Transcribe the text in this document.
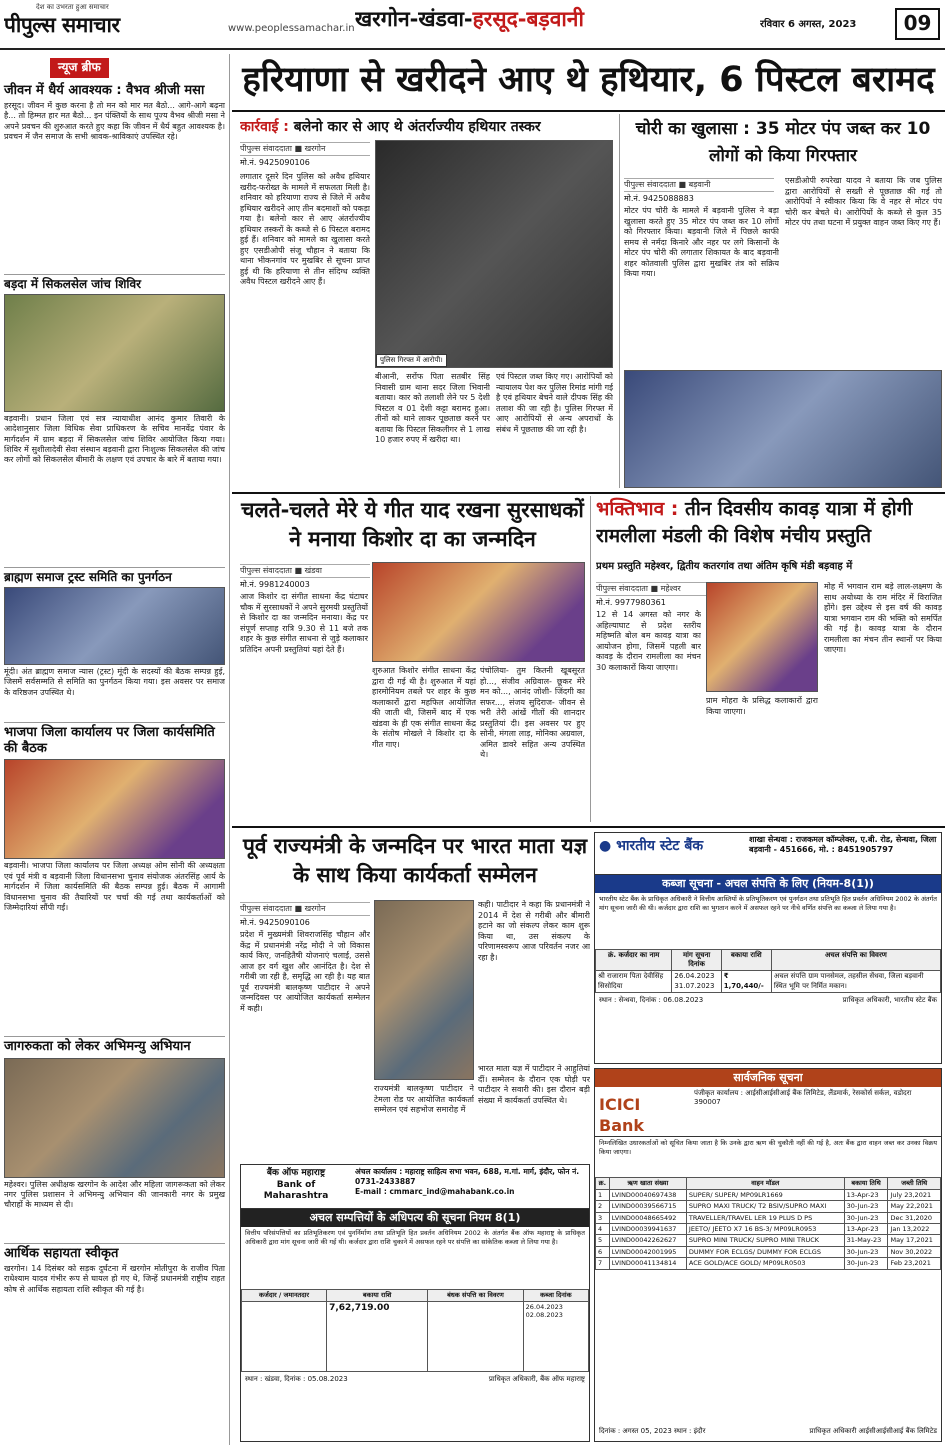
देश का उभरता हुआ समाचार
पीपुल्स समाचार	www.peoplessamachar.in खरगोन-खंडवा-हरसूद-बड़वानी	रविवार 6 अगस्त, 2023	09
न्यूज ब्रीफ
जीवन में धैर्य आवश्यक : वैभव श्रीजी मसा
हरसूद। जीवन में कुछ करना है तो मन को मार मत बैठो... आगे-आगे बढ़ना है... तो हिम्मत हार मत बैठो... इन पंक्तियों के साथ पूज्य वैभव श्रीजी मसा ने अपने प्रवचन की शुरुआत करते हुए कहा कि जीवन में धैर्य बहुत आवश्यक है। प्रवचन में जैन समाज के सभी श्रावक-श्राविकाएं उपस्थित रहे।
बड़दा में सिकलसेल जांच शिविर
बड़वानी। प्रधान जिला एवं सत्र न्यायाधीश आनंद कुमार तिवारी के आदेशानुसार जिला विधिक सेवा प्राधिकरण के सचिव मानवेंद्र पंवार के मार्गदर्शन में ग्राम बड़दा में सिकलसेल जांच शिविर आयोजित किया गया। शिविर में सुशीलादेवी सेवा संस्थान बड़वानी द्वारा निःशुल्क सिकलसेल की जांच कर लोगों को सिकलसेल बीमारी के लक्षण एवं उपचार के बारे में बताया गया।
ब्राह्मण समाज ट्रस्ट समिति का पुनर्गठन
मूंदी। अंत ब्राह्मण समाज न्यास (ट्रस्ट) मूंदी के सदस्यों की बैठक सम्पन्न हुई, जिसमें सर्वसम्मति से समिति का पुनर्गठन किया गया। इस अवसर पर समाज के वरिष्ठजन उपस्थित थे।
भाजपा जिला कार्यालय पर जिला कार्यसमिति की बैठक
बड़वानी। भाजपा जिला कार्यालय पर जिला अध्यक्ष ओम सोनी की अध्यक्षता एवं पूर्व मंत्री व बड़वानी जिला विधानसभा चुनाव संयोजक अंतरसिंह आर्य के मार्गदर्शन में जिला कार्यसमिति की बैठक सम्पन्न हुई। बैठक में आगामी विधानसभा चुनाव की तैयारियों पर चर्चा की गई तथा कार्यकर्ताओं को जिम्मेदारियां सौंपी गईं।
जागरुकता को लेकर अभिमन्यु अभियान
महेश्वर। पुलिस अधीक्षक खरगोन के आदेश और महिला जागरूकता को लेकर नगर पुलिस प्रशासन ने अभिमन्यु अभियान की जानकारी नगर के प्रमुख चौराहों के माध्यम से दी।
आर्थिक सहायता स्वीकृत
खरगोन। 14 दिसंबर को सड़क दुर्घटना में खरगोन मोतीपुरा के राजीव पिता राधेश्याम यादव गंभीर रूप से घायल हो गए थे, जिन्हें प्रधानमंत्री राष्ट्रीय राहत कोष से आर्थिक सहायता राशि स्वीकृत की गई है।
हरियाणा से खरीदने आए थे हथियार, 6 पिस्टल बरामद
कार्रवाई : बलेनो कार से आए थे अंतर्राज्यीय हथियार तस्कर
पीपुल्स संवाददाता ■ खरगोन
मो.नं. 9425090106
लगातार दूसरे दिन पुलिस को अवैध हथियार खरीद-फरोख्त के मामले में सफलता मिली है। शनिवार को हरियाणा राज्य से जिले में अवैध हथियार खरीदने आए तीन बदमाशों को पकड़ा गया है। बलेनो कार से आए अंतर्राज्यीय हथियार तस्करों के कब्जे से 6 पिस्टल बरामद हुई हैं। शनिवार को मामले का खुलासा करते हुए एसडीओपी संजू चौहान ने बताया कि थाना भीकनगांव पर मुखबिर से सूचना प्राप्त हुई थी कि हरियाणा से तीन संदिग्ध व्यक्ति अवैध पिस्टल खरीदने आए हैं।
पुलिस गिरफ्त में आरोपी।
बीआनी, सरोंफ पिता सतबीर सिंह निवासी ग्राम थाना सदर जिला भिवानी बताया। कार को तलाशी लेने पर 5 देशी पिस्टल व 01 देशी कट्टा बरामद हुआ। तीनों को थाने लाकर पूछताछ करने पर बताया कि पिस्टल सिकलीगर से 1 लाख 10 हजार रुपए में खरीदा था।
एवं पिस्टल जब्त किए गए। आरोपियों को न्यायालय पेश कर पुलिस रिमांड मांगी गई है एवं हथियार बेचने वाले दीपक सिंह की तलाश की जा रही है। पुलिस गिरफ्त में आए आरोपियों से अन्य अपराधों के संबंध में पूछताछ की जा रही है।
चोरी का खुलासा : 35 मोटर पंप जब्त कर 10 लोगों को किया गिरफ्तार
पीपुल्स संवाददाता ■ बड़वानी
मो.नं. 9425088883
मोटर पंप चोरी के मामले में बड़वानी पुलिस ने बड़ा खुलासा करते हुए 35 मोटर पंप जब्त कर 10 लोगों को गिरफ्तार किया। बड़वानी जिले में पिछले काफी समय से नर्मदा किनारे और नहर पर लगे किसानों के मोटर पंप चोरी की लगातार शिकायत के बाद बड़वानी शहर कोतवाली पुलिस द्वारा मुखबिर तंत्र को सक्रिय किया गया।
एसडीओपी रुपरेखा यादव ने बताया कि जब पुलिस द्वारा आरोपियों से सख्ती से पूछताछ की गई तो आरोपियों ने स्वीकार किया कि वे नहर से मोटर पंप चोरी कर बेचते थे। आरोपियों के कब्जे से कुल 35 मोटर पंप तथा घटना में प्रयुक्त वाहन जब्त किए गए हैं।
चलते-चलते मेरे ये गीत याद रखना सुरसाधकों ने मनाया किशोर दा का जन्मदिन
पीपुल्स संवाददाता ■ खंडवा
मो.नं. 9981240003
आज किशोर दा संगीत साधना केंद्र घंटाघर चौक में सुरसाधकों ने अपने सुरमयी प्रस्तुतियों से किशोर दा का जन्मदिन मनाया। केंद्र पर संपूर्ण सप्ताह रात्रि 9.30 से 11 बजे तक शहर के कुछ संगीत साधना से जुड़े कलाकार प्रतिदिन अपनी प्रस्तुतियां यहां देते हैं।
शुरुआत किशोर संगीत साधना केंद्र द्वारा दी गई थी है। शुरुआत में यहां हारमोनियम तबले पर शहर के कुछ कलाकारों द्वारा महफिल आयोजित की जाती थी, जिसमें बाद में एक खंडवा के ही एक संगीत साधना केंद्र के संतोष मोखले ने किशोर दा के गीत गाए।
पंचोलिया- तुम कितनी खूबसूरत हो..., संजीव अग्रिवाल- छूकर मेरे मन को..., आनंद जोशी- जिंदगी का सफर..., संजय सुदिराज- जीवन से भरी तेरी आंखें गीतों की शानदार प्रस्तुतियां दी। इस अवसर पर हुए सोनी, मंगला लाड़, मोनिका अग्रवाल, अमित डावरे सहित अन्य उपस्थित थे।
भक्तिभाव : तीन दिवसीय कावड़ यात्रा में होगी रामलीला मंडली की विशेष मंचीय प्रस्तुति
प्रथम प्रस्तुति महेश्वर, द्वितीय कतरगांव तथा अंतिम कृषि मंडी बड़वाह में
पीपुल्स संवाददाता ■ महेश्वर
मो.नं. 9977980361
12 से 14 अगस्त को नगर के अहिल्याघाट से प्रदेश स्तरीय महिष्मति बोल बम कावड़ यात्रा का आयोजन होगा, जिसमें पहली बार कावड़ के दौरान रामलीला का मंचन 30 कलाकारों किया जाएगा।
प्राम मोहरा के प्रसिद्ध कलाकारों द्वारा किया जाएगा।
मोह में भगवान राम बड़े लाल-लक्ष्मण के साथ अयोध्या के राम मंदिर में विराजित होंगे। इस उद्देश्य से इस वर्ष की कावड़ यात्रा भगवान राम की भक्ति को समर्पित की गई है। कावड़ यात्रा के दौरान रामलीला का मंचन तीन स्थानों पर किया जाएगा।
पूर्व राज्यमंत्री के जन्मदिन पर भारत माता यज्ञ के साथ किया कार्यकर्ता सम्मेलन
पीपुल्स संवाददाता ■ खरगोन
मो.नं. 9425090106
प्रदेश में मुख्यमंत्री शिवराजसिंह चौहान और केंद्र में प्रधानमंत्री नरेंद्र मोदी ने जो विकास कार्य किए, जनहितैषी योजनाएं चलाई, उससे आज हर वर्ग खुश और आनंदित है। देश से गरीबी जा रही है, समृद्धि आ रही है। यह बात पूर्व राज्यमंत्री बालकृष्ण पाटीदार ने अपने जन्मदिवस पर आयोजित कार्यकर्ता सम्मेलन में कही।
राज्यमंत्री बालकृष्ण पाटीदार ने टेमला रोड पर आयोजित कार्यकर्ता सम्मेलन एवं सहभोज समारोह में
कही। पाटीदार ने कहा कि प्रधानमंत्री ने 2014 में देश से गरीबी और बीमारी हटाने का जो संकल्प लेकर काम शुरू किया था, उस संकल्प के परिणामस्वरूप आज परिवर्तन नजर आ रहा है।
भारत माता यज्ञ में पाटीदार ने आहुतियां दीं। सम्मेलन के दौरान एक घोड़ी पर पाटीदार ने सवारी की। इस दौरान बड़ी संख्या में कार्यकर्ता उपस्थित थे।
● भारतीय स्टेट बैंक	शाखा सेन्धवा : राजकमल कॉम्प्लेक्स, ए.बी. रोड, सेन्धवा, जिला बड़वानी - 451666, मो. : 8451905797
कब्जा सूचना - अचल संपत्ति के लिए (नियम-8(1))
भारतीय स्टेट बैंक के प्राधिकृत अधिकारी ने वित्तीय आस्तियों के प्रतिभूतिकरण एवं पुनर्गठन तथा प्रतिभूति हित प्रवर्तन अधिनियम 2002 के अंतर्गत मांग सूचना जारी की थी। कर्जदार द्वारा राशि का भुगतान करने में असफल रहने पर नीचे वर्णित संपत्ति का कब्जा ले लिया गया है।
क्रं. कर्जदार का नाम	मांग सूचना दिनांक	बकाया राशि	अचल संपत्ति का विवरण
श्री राजाराम पिता देवीसिंह सिसोदिया	26.04.2023
31.07.2023	₹ 1,70,440/-	अचल संपत्ति ग्राम पानसेमल, तहसील सेंधवा, जिला बड़वानी स्थित भूमि पर निर्मित मकान।
स्थान : सेन्धवा, दिनांक : 06.08.2023	प्राधिकृत अधिकारी, भारतीय स्टेट बैंक
बैंक ऑफ महाराष्ट्र
Bank of Maharashtra
अंचल कार्यालय : महाराष्ट्र साहित्य सभा भवन, 688, म.गां. मार्ग, इंदौर, फोन नं. 0731-2433887
E-mail : cmmarc_ind@mahabank.co.in
अचल सम्पत्तियों के अधिपत्य की सूचना नियम 8(1)
वित्तीय परिसंपत्तियों का प्रतिभूतिकरण एवं पुनर्निर्माण तथा प्रतिभूति हित प्रवर्तन अधिनियम 2002 के अंतर्गत बैंक ऑफ महाराष्ट्र के प्राधिकृत अधिकारी द्वारा मांग सूचना जारी की गई थी। कर्जदार द्वारा राशि चुकाने में असफल रहने पर संपत्ति का सांकेतिक कब्जा ले लिया गया है।
कर्जदार / जमानतदार	बकाया राशि	बंधक संपत्ति का विवरण	कब्जा दिनांक
	7,62,719.00		26.04.2023
02.08.2023
स्थान : खंडवा, दिनांक : 05.08.2023	प्राधिकृत अधिकारी, बैंक ऑफ महाराष्ट्र
सार्वजनिक सूचना
ICICI Bank
पंजीकृत कार्यालय : आईसीआईसीआई बैंक लिमिटेड, लैंडमार्क, रेसकोर्स सर्कल, वडोदरा 390007
निम्नलिखित उधारकर्ताओं को सूचित किया जाता है कि उनके द्वारा ऋण की चुकौती नहीं की गई है, अतः बैंक द्वारा वाहन जब्त कर उनका विक्रय किया जाएगा।
क्र.	ऋण खाता संख्या	वाहन मॉडल	बकाया तिथि	जब्ती तिथि
1	LVIND00040697438	SUPER/ SUPER/ MP09LR1669	13-Apr-23	July 23,2021
2	LVIND00039566715	SUPRO MAXI TRUCK/ T2 BSIV/SUPRO MAXI	30-Jun-23	May 22,2021
3	LVIND00048665492	TRAVELLER/TRAVEL LER 19 PLUS D PS	30-Jun-23	Dec 31,2020
4	LVIND00039941637	JEETO/ JEETO X7 16 BS-3/ MP09LR0953	13-Apr-23	Jan 13,2022
5	LVIND00042262627	SUPRO MINI TRUCK/ SUPRO MINI TRUCK	31-May-23	May 17,2021
6	LVIND00042001995	DUMMY FOR ECLGS/ DUMMY FOR ECLGS	30-Jun-23	Nov 30,2022
7	LVIND00041134814	ACE GOLD/ACE GOLD/ MP09LR0503	30-Jun-23	Feb 23,2021
दिनांक : अगस्त 05, 2023 स्थान : इंदौर	प्राधिकृत अधिकारी आईसीआईसीआई बैंक लिमिटेड
